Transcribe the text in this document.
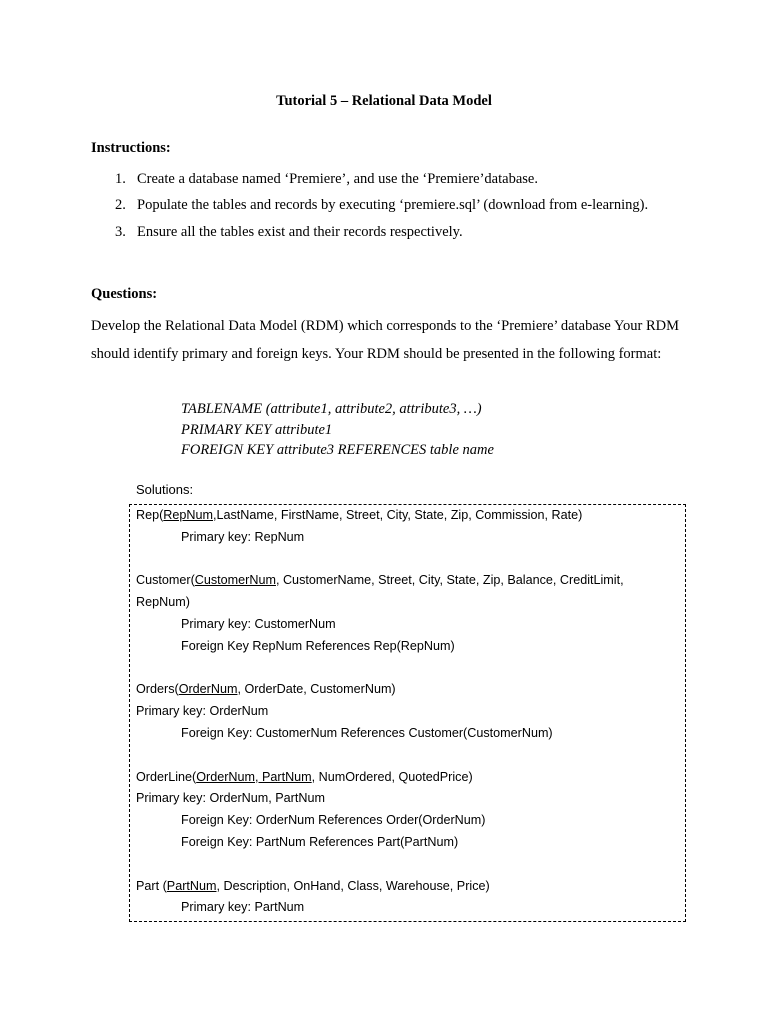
Tutorial 5 – Relational Data Model
Instructions:
1. Create a database named ‘Premiere’, and use the ‘Premiere’database.
2. Populate the tables and records by executing ‘premiere.sql’ (download from e-learning).
3. Ensure all the tables exist and their records respectively.
Questions:
Develop the Relational Data Model (RDM) which corresponds to the ‘Premiere’ database Your RDM should identify primary and foreign keys. Your RDM should be presented in the following format:
TABLENAME (attribute1, attribute2, attribute3, …)
PRIMARY KEY attribute1
FOREIGN KEY attribute3 REFERENCES table name
Solutions:
Rep(RepNum,LastName, FirstName, Street, City, State, Zip, Commission, Rate)
Primary key: RepNum

Customer(CustomerNum, CustomerName, Street, City, State, Zip, Balance, CreditLimit,
RepNum)
Primary key: CustomerNum
Foreign Key RepNum References Rep(RepNum)

Orders(OrderNum, OrderDate, CustomerNum)
Primary key: OrderNum
Foreign Key: CustomerNum References Customer(CustomerNum)

OrderLine(OrderNum, PartNum, NumOrdered, QuotedPrice)
Primary key: OrderNum, PartNum
Foreign Key: OrderNum References Order(OrderNum)
Foreign Key: PartNum References Part(PartNum)

Part (PartNum, Description, OnHand, Class, Warehouse, Price)
Primary key: PartNum
